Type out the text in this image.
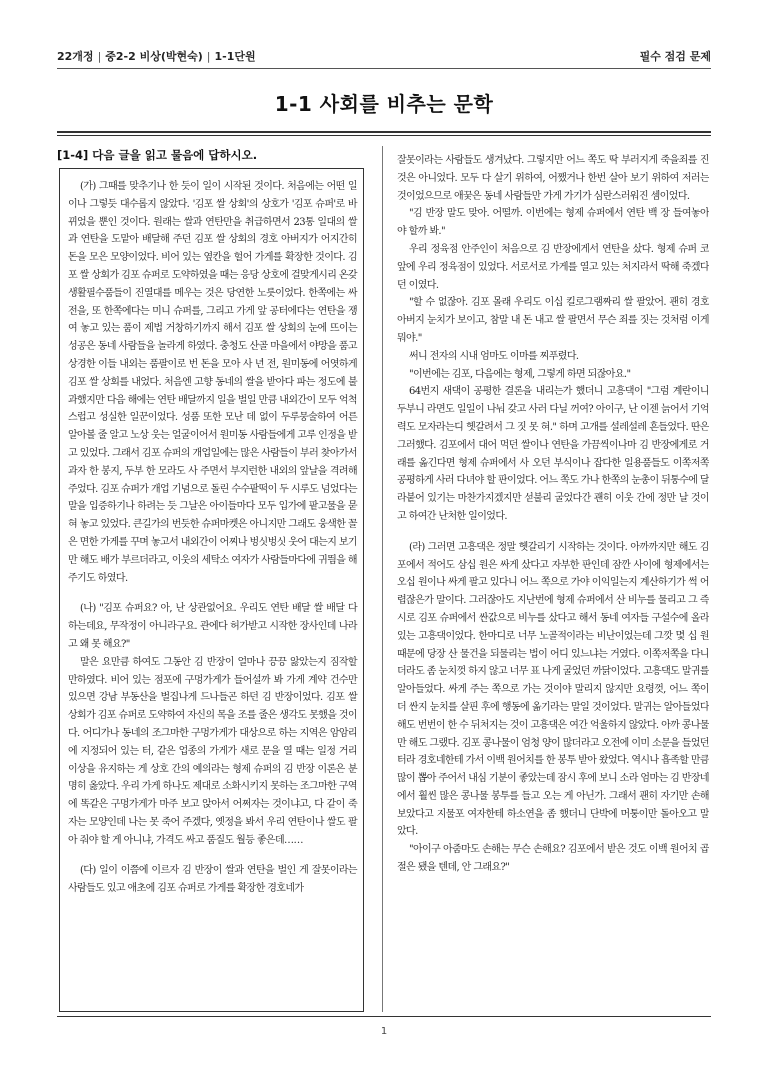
22개정 | 중2-2 비상(박현숙) | 1-1단원	필수 점검 문제
1-1 사회를 비추는 문학
[1-4] 다음 글을 읽고 물음에 답하시오.

(가) 그때를 맞추기나 한 듯이 일이 시작된 것이다. 처음에는 어떤 일이나 그렇듯 대수롭지 않았다. '김포 쌀 상회'의 상호가 '김포 슈퍼'로 바뀌었을 뿐인 것이다. 원래는 쌀과 연탄만을 취급하면서 23통 일대의 쌀과 연탄을 도맡아 배달해 주던 김포 쌀 상회의 경호 아버지가 어지간히 돈을 모은 모양이었다. 비어 있는 옆칸을 헐어 가게를 확장한 것이다. 김포 쌀 상회가 김포 슈퍼로 도약하였을 때는 응당 상호에 걸맞게시리 온갖 생활필수품들이 진열대를 메우는 것은 당연한 노릇이었다. 한쪽에는 싸전을, 또 한쪽에다는 미니 슈퍼를, 그리고 가게 앞 공터에다는 연탄을 쟁여 놓고 있는 품이 제법 거창하기까지 해서 김포 쌀 상회의 눈에 뜨이는 성공은 동네 사람들을 놀라게 하였다. 충청도 산골 마을에서 야망을 품고 상경한 이들 내외는 품팔이로 번 돈을 모아 사 년 전, 원미동에 어엿하게 김포 쌀 상회를 내었다. 처음엔 고향 동네의 쌀을 받아다 파는 정도에 불과했지만 다음 해에는 연탄 배달까지 일을 벌일 만큼 내외간이 모두 억척스럽고 성실한 일꾼이었다. 성품 또한 모난 데 없이 두루뭉술하여 어른 알아볼 줄 알고 노상 웃는 얼굴이어서 원미동 사람들에게 고루 인정을 받고 있었다. 그래서 김포 슈퍼의 개업일에는 많은 사람들이 부러 찾아가서 과자 한 봉지, 두부 한 모라도 사 주면서 부지런한 내외의 앞날을 격려해 주었다. 김포 슈퍼가 개업 기념으로 돌린 수수팥떡이 두 시루도 넘었다는 말을 입증하기나 하려는 듯 그날은 아이들마다 모두 입가에 팥고물을 묻혀 놓고 있었다. 큰길가의 번듯한 슈퍼마켓은 아니지만 그래도 웅색한 꼴은 면한 가게를 꾸며 놓고서 내외간이 어찌나 벙싯벙싯 웃어 대는지 보기만 해도 배가 부르더라고, 이웃의 세탁소 여자가 사람들마다에 귀띔을 해 주기도 하였다.

(나) "김포 슈퍼요? 아, 난 상관없어요. 우리도 연탄 배달 쌀 배달 다 하는데요, 무작정이 아니라구요. 관에다 허가받고 시작한 장사인데 나라고 왜 못 해요?"

말은 요만큼 하여도 그동안 김 반장이 얼마나 끙끙 앓았는지 짐작할 만하였다. 비어 있는 점포에 구멍가게가 들어설까 봐 가게 계약 건수만 있으면 강남 부동산을 벌집나게 드나들곤 하던 김 반장이었다. 김포 쌀 상회가 김포 슈퍼로 도약하여 자신의 목을 조를 줄은 생각도 못했을 것이다. 어디가나 동네의 조그마한 구멍가게가 대상으로 하는 지역은 암암리에 지정되어 있는 터, 같은 업종의 가게가 새로 문을 열 때는 일정 거리 이상을 유지하는 게 상호 간의 예의라는 형제 슈퍼의 김 반장 이론은 분명히 옳았다. 우리 가게 하나도 제대로 소화시키지 못하는 조그마한 구역에 똑같은 구멍가게가 마주 보고 앉아서 어쩌자는 것이냐고, 다 같이 죽자는 모양인데 나는 못 죽어 주겠다, 옛정을 봐서 우리 연탄이나 쌀도 팔아 줘야 할 게 아니냐, 가격도 싸고 품질도 월등 좋은데……

(다) 일이 이쯤에 이르자 김 반장이 쌀과 연탄을 벌인 게 잘못이라는 사람들도 있고 애초에 김포 슈퍼로 가게를 확장한 경호네가

잘못이라는 사람들도 생겨났다. 그렇지만 어느 쪽도 딱 부러지게 죽을죄를 진 것은 아니었다. 모두 다 살기 위하여, 어쨌거나 한번 살아 보기 위하여 저러는 것이었으므로 애꿎은 동네 사람들만 가게 가기가 심란스러워진 셈이었다.

"김 반장 말도 맞아. 어떨까. 이번에는 형제 슈퍼에서 연탄 백 장 들여놓아야 할까 봐."

우리 정육점 안주인이 처음으로 김 반장에게서 연탄을 샀다. 형제 슈퍼 코앞에 우리 정육점이 있었다. 서로서로 가게를 열고 있는 처지라서 딱해 죽겠다던 이였다.

"할 수 없잖아. 김포 몰래 우리도 이십 킬로그램짜리 쌀 팔았어. 괜히 경호 아버지 눈치가 보이고, 참말 내 돈 내고 쌀 팔면서 무슨 죄를 짓는 것처럼 이게 뭐야."

써니 전자의 시내 엄마도 이마를 찌푸렸다.

"이번에는 김포, 다음에는 형제, 그렇게 하면 되잖아요."

64번지 새댁이 공평한 결론을 내리는가 했더니 고흥댁이 "그럼 계란이니 두부니 라면도 일일이 나눠 갖고 사러 다닐 꺼여? 아이구, 난 이젠 늙어서 기억력도 모자라는디 헷갈려서 그 짓 못 혀." 하며 고개를 설레설레 흔들었다. 딴은 그러했다. 김포에서 대어 먹던 쌀이나 연탄을 가끔씩이나마 김 반장에게로 거래를 옮긴다면 형제 슈퍼에서 사 오던 부식이나 잡다한 일용품들도 이쪽저쪽 공평하게 사러 다녀야 할 판이었다. 어느 쪽도 가나 한쪽의 눈총이 뒤통수에 달라붙어 있기는 마찬가지겠지만 섣불리 굴었다간 괜히 이웃 간에 정만 날 것이고 하여간 난처한 일이었다.

(라) 그러면 고흥댁은 정말 헷갈리기 시작하는 것이다. 아까까지만 해도 김포에서 적어도 삼십 원은 싸게 샀다고 자부한 판인데 잠깐 사이에 형제에서는 오십 원이나 싸게 팔고 있다니 어느 쪽으로 가야 이익일는지 계산하기가 썩 어렵잖은가 말이다. 그러잖아도 지난번에 형제 슈퍼에서 산 비누를 물리고 그 즉시로 김포 슈퍼에서 싼값으로 비누를 샀다고 해서 동네 여자들 구설수에 올라 있는 고흥댁이었다. 한마디로 너무 노골적이라는 비난이었는데 그깟 몇 십 원 때문에 당장 산 물건을 되물리는 법이 어디 있느냐는 거였다. 이쪽저쪽을 다니더라도 좀 눈치껏 하지 않고 너무 표 나게 굴었던 까닭이었다. 고흥댁도 말귀를 알아들었다. 싸게 주는 쪽으로 가는 것이야 말리지 않지만 요령껏, 어느 쪽이 더 싼지 눈치를 살핀 후에 행동에 옮기라는 말일 것이었다. 말귀는 알아들었다 해도 번번이 한 수 뒤처지는 것이 고흥댁은 여간 억울하지 않았다. 아까 콩나물만 해도 그랬다. 김포 콩나물이 엄청 양이 많더라고 오전에 이미 소문을 들었던 터라 경호네한테 가서 이백 원어치를 한 봉투 받아 왔었다. 역시나 흡족할 만큼 많이 뽑아 주어서 내심 기분이 좋았는데 잠시 후에 보니 소라 엄마는 김 반장네에서 훨씬 많은 콩나물 봉투를 들고 오는 게 아닌가. 그래서 괜히 자기만 손해 보았다고 지물포 여자한테 하소연을 좀 했더니 단박에 머퉁이만 돌아오고 말았다.

"아이구 아줌마도 손해는 무슨 손해요? 김포에서 받은 것도 이백 원어치 곱절은 됐을 텐데, 안 그래요?"

1
